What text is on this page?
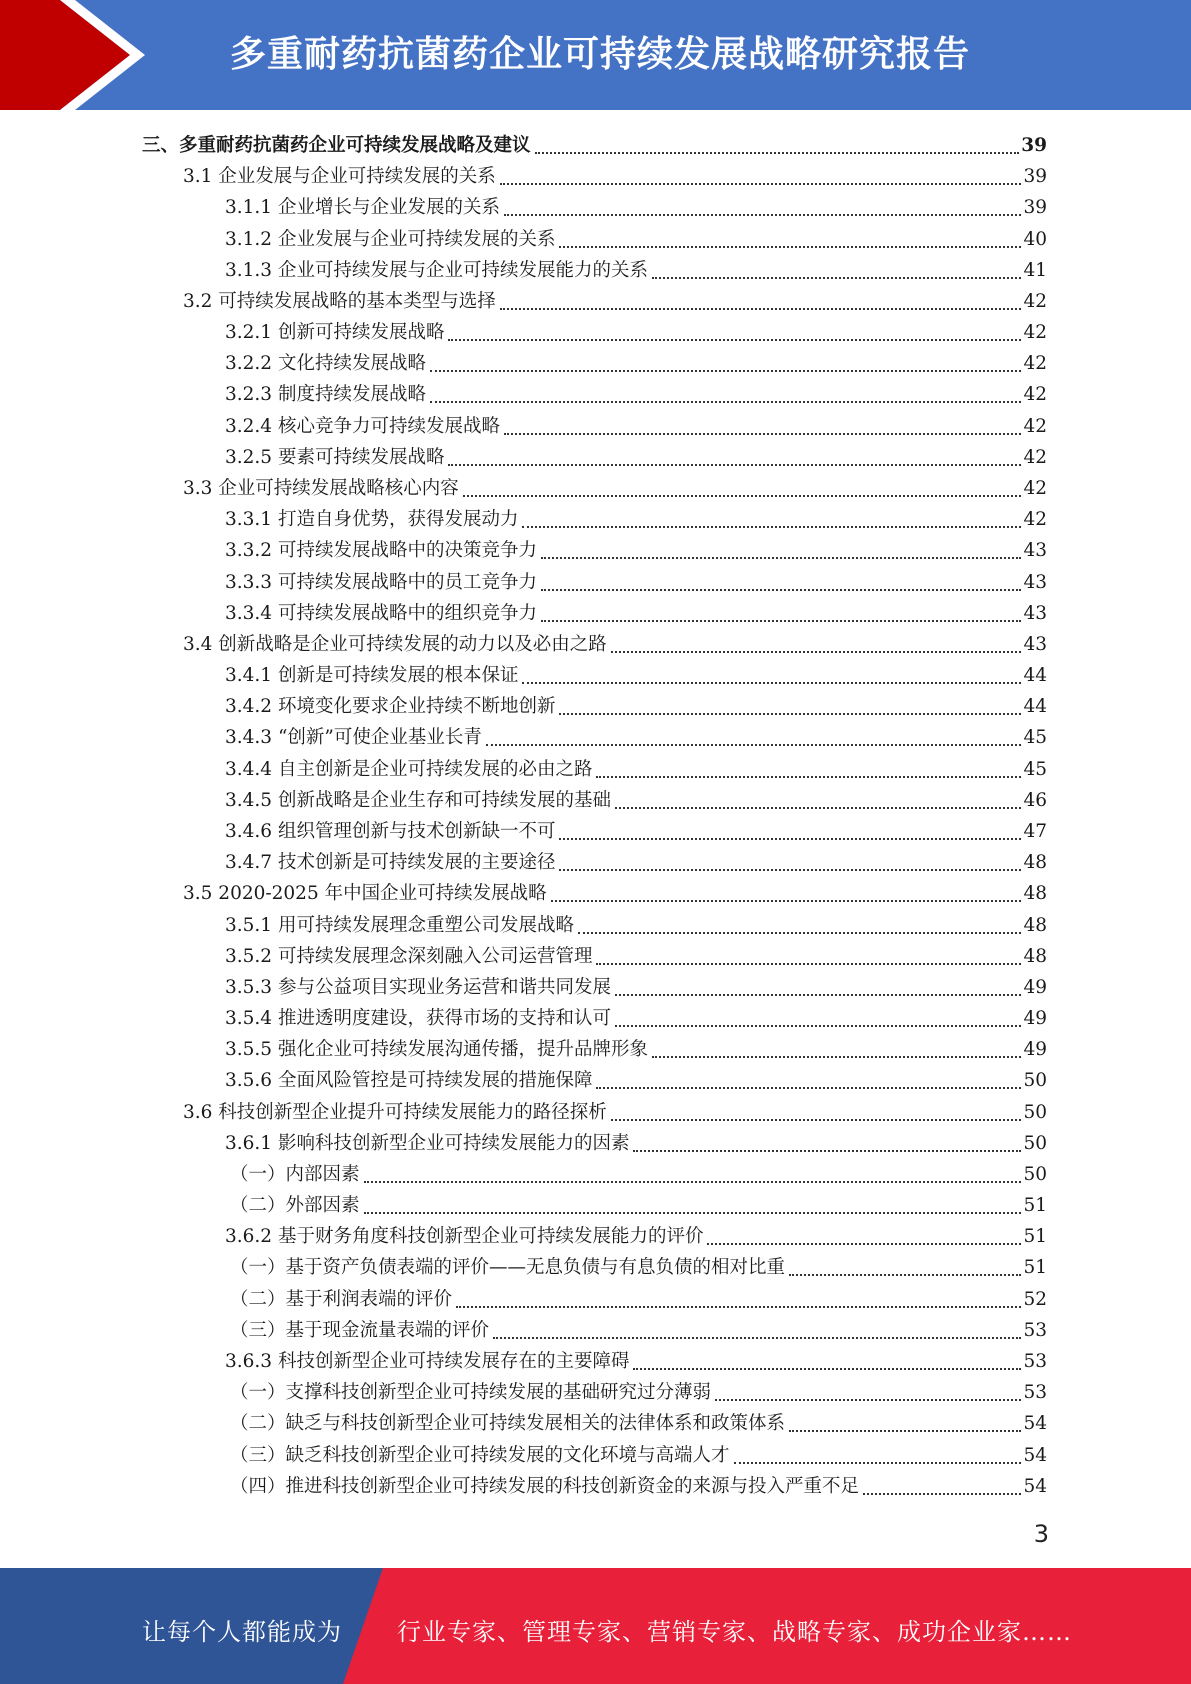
多重耐药抗菌药企业可持续发展战略研究报告
三、多重耐药抗菌药企业可持续发展战略及建议	39
3.1 企业发展与企业可持续发展的关系	39
3.1.1 企业增长与企业发展的关系	39
3.1.2 企业发展与企业可持续发展的关系	40
3.1.3 企业可持续发展与企业可持续发展能力的关系	41
3.2 可持续发展战略的基本类型与选择	42
3.2.1 创新可持续发展战略	42
3.2.2 文化持续发展战略	42
3.2.3 制度持续发展战略	42
3.2.4 核心竞争力可持续发展战略	42
3.2.5 要素可持续发展战略	42
3.3 企业可持续发展战略核心内容	42
3.3.1 打造自身优势，获得发展动力	42
3.3.2 可持续发展战略中的决策竞争力	43
3.3.3 可持续发展战略中的员工竞争力	43
3.3.4 可持续发展战略中的组织竞争力	43
3.4 创新战略是企业可持续发展的动力以及必由之路	43
3.4.1 创新是可持续发展的根本保证	44
3.4.2 环境变化要求企业持续不断地创新	44
3.4.3 “创新”可使企业基业长青	45
3.4.4 自主创新是企业可持续发展的必由之路	45
3.4.5 创新战略是企业生存和可持续发展的基础	46
3.4.6 组织管理创新与技术创新缺一不可	47
3.4.7 技术创新是可持续发展的主要途径	48
3.5 2020-2025 年中国企业可持续发展战略	48
3.5.1 用可持续发展理念重塑公司发展战略	48
3.5.2 可持续发展理念深刻融入公司运营管理	48
3.5.3 参与公益项目实现业务运营和谐共同发展	49
3.5.4 推进透明度建设，获得市场的支持和认可	49
3.5.5 强化企业可持续发展沟通传播，提升品牌形象	49
3.5.6 全面风险管控是可持续发展的措施保障	50
3.6 科技创新型企业提升可持续发展能力的路径探析	50
3.6.1 影响科技创新型企业可持续发展能力的因素	50
（一）内部因素	50
（二）外部因素	51
3.6.2 基于财务角度科技创新型企业可持续发展能力的评价	51
（一）基于资产负债表端的评价——无息负债与有息负债的相对比重	51
（二）基于利润表端的评价	52
（三）基于现金流量表端的评价	53
3.6.3 科技创新型企业可持续发展存在的主要障碍	53
（一）支撑科技创新型企业可持续发展的基础研究过分薄弱	53
（二）缺乏与科技创新型企业可持续发展相关的法律体系和政策体系	54
（三）缺乏科技创新型企业可持续发展的文化环境与高端人才	54
（四）推进科技创新型企业可持续发展的科技创新资金的来源与投入严重不足	54
3
让每个人都能成为 行业专家、管理专家、营销专家、战略专家、成功企业家……
